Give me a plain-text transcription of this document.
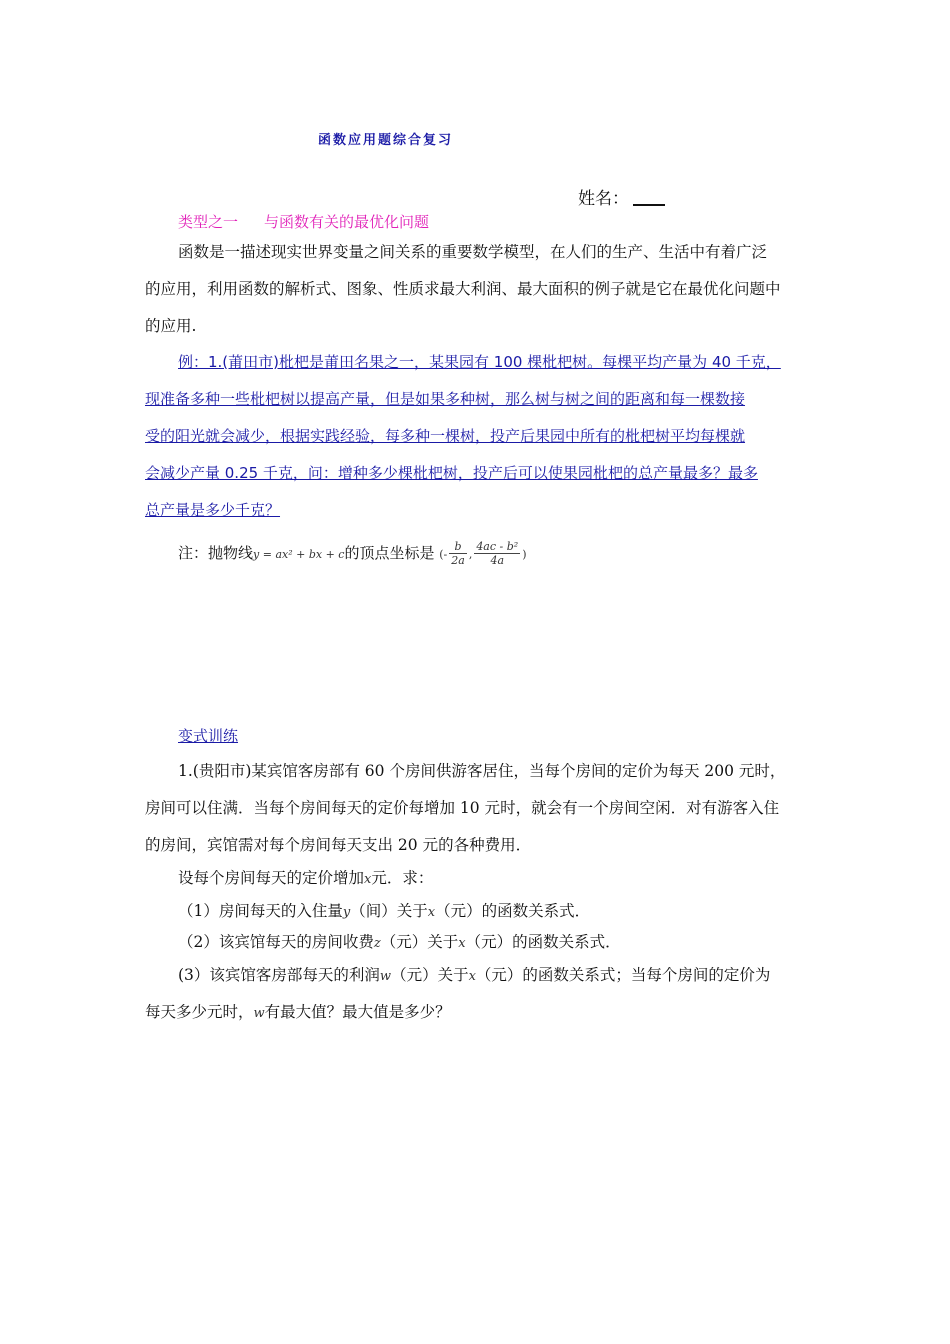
函数应用题综合复习
姓名：
类型之一 与函数有关的最优化问题
函数是一描述现实世界变量之间关系的重要数学模型，在人们的生产、生活中有着广泛
的应用，利用函数的解析式、图象、性质求最大利润、最大面积的例子就是它在最优化问题中
的应用.
例：1.(莆田市)枇杷是莆田名果之一，某果园有 100 棵枇杷树。每棵平均产量为 40 千克，
现准备多种一些枇杷树以提高产量，但是如果多种树，那么树与树之间的距离和每一棵数接
受的阳光就会减少，根据实践经验，每多种一棵树，投产后果园中所有的枇杷树平均每棵就
会减少产量 0.25 千克，问：增种多少棵枇杷树，投产后可以使果园枇杷的总产量最多？最多
总产量是多少千克？
注：抛物线y = ax² + bx + c的顶点坐标是 (- $\frac{b}{2a}$ , $\frac{\text{4ac - b²}}{4a}$ )
变式训练
1.(贵阳市)某宾馆客房部有 60 个房间供游客居住，当每个房间的定价为每天 200 元时，
房间可以住满．当每个房间每天的定价每增加 10 元时，就会有一个房间空闲．对有游客入住
的房间，宾馆需对每个房间每天支出 20 元的各种费用．
设每个房间每天的定价增加x元．求：
（1）房间每天的入住量y（间）关于x（元）的函数关系式．
（2）该宾馆每天的房间收费z（元）关于x（元）的函数关系式．
(3）该宾馆客房部每天的利润w（元）关于x（元）的函数关系式；当每个房间的定价为
每天多少元时，w有最大值？最大值是多少？
